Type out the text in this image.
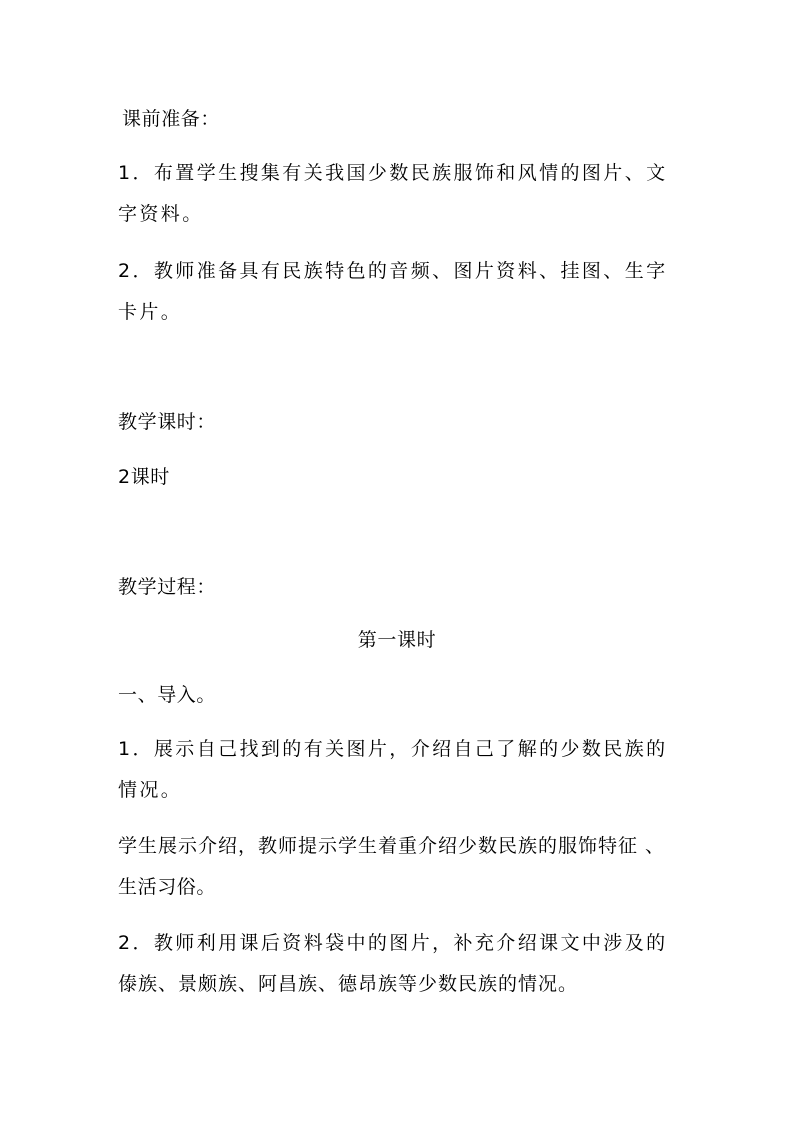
课前准备：
1．布置学生搜集有关我国少数民族服饰和风情的图片、文
字资料。
2．教师准备具有民族特色的音频、图片资料、挂图、生字
卡片。
教学课时：
2课时
教学过程：
第一课时
一、导入。
1．展示自己找到的有关图片，介绍自己了解的少数民族的
情况。
学生展示介绍，教师提示学生着重介绍少数民族的服饰特征 、
生活习俗。
2．教师利用课后资料袋中的图片，补充介绍课文中涉及的
傣族、景颇族、阿昌族、德昂族等少数民族的情况。
